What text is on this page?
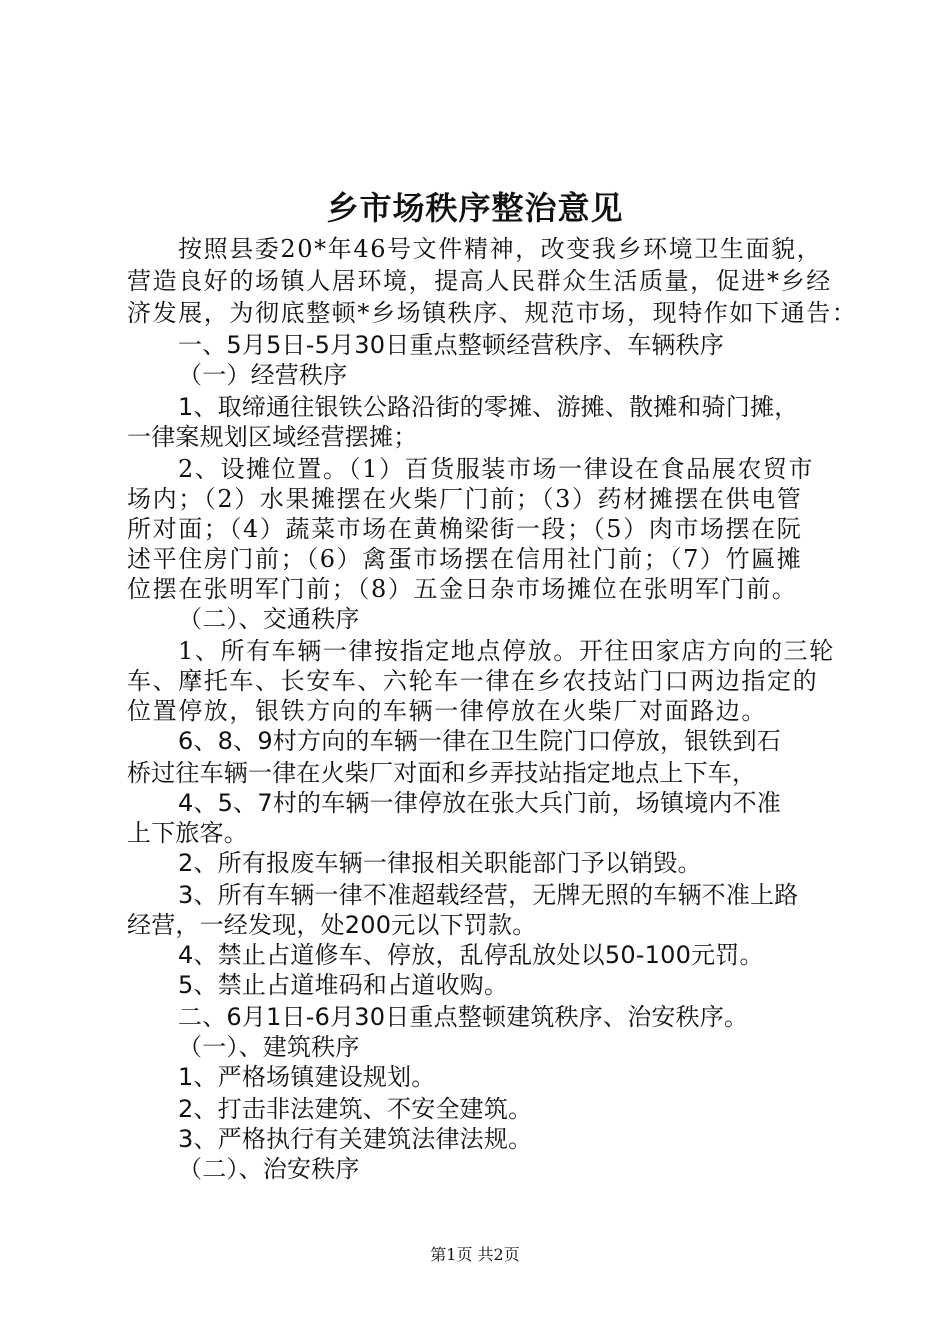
乡市场秩序整治意见

按照县委20*年46号文件精神，改变我乡环境卫生面貌，

营造良好的场镇人居环境，提高人民群众生活质量，促进*乡经

济发展，为彻底整顿*乡场镇秩序、规范市场，现特作如下通告：

一、5月5日-5月30日重点整顿经营秩序、车辆秩序

（一）经营秩序

1、取缔通往银铁公路沿街的零摊、游摊、散摊和骑门摊，

一律案规划区域经营摆摊；

2、设摊位置。（1）百货服装市场一律设在食品展农贸市

场内；（2）水果摊摆在火柴厂门前；（3）药材摊摆在供电管

所对面；（4）蔬菜市场在黄桷梁街一段；（5）肉市场摆在阮

述平住房门前；（6）禽蛋市场摆在信用社门前；（7）竹匾摊

位摆在张明军门前；（8）五金日杂市场摊位在张明军门前。

（二）、交通秩序

1、所有车辆一律按指定地点停放。开往田家店方向的三轮

车、摩托车、长安车、六轮车一律在乡农技站门口两边指定的

位置停放，银铁方向的车辆一律停放在火柴厂对面路边。

6、8、9村方向的车辆一律在卫生院门口停放，银铁到石

桥过往车辆一律在火柴厂对面和乡弄技站指定地点上下车，

4、5、7村的车辆一律停放在张大兵门前，场镇境内不准

上下旅客。

2、所有报废车辆一律报相关职能部门予以销毁。

3、所有车辆一律不准超载经营，无牌无照的车辆不准上路

经营，一经发现，处200元以下罚款。

4、禁止占道修车、停放，乱停乱放处以50-100元罚。

5、禁止占道堆码和占道收购。

二、6月1日-6月30日重点整顿建筑秩序、治安秩序。

（一）、建筑秩序

1、严格场镇建设规划。

2、打击非法建筑、不安全建筑。

3、严格执行有关建筑法律法规。

（二）、治安秩序

第1页 共2页
